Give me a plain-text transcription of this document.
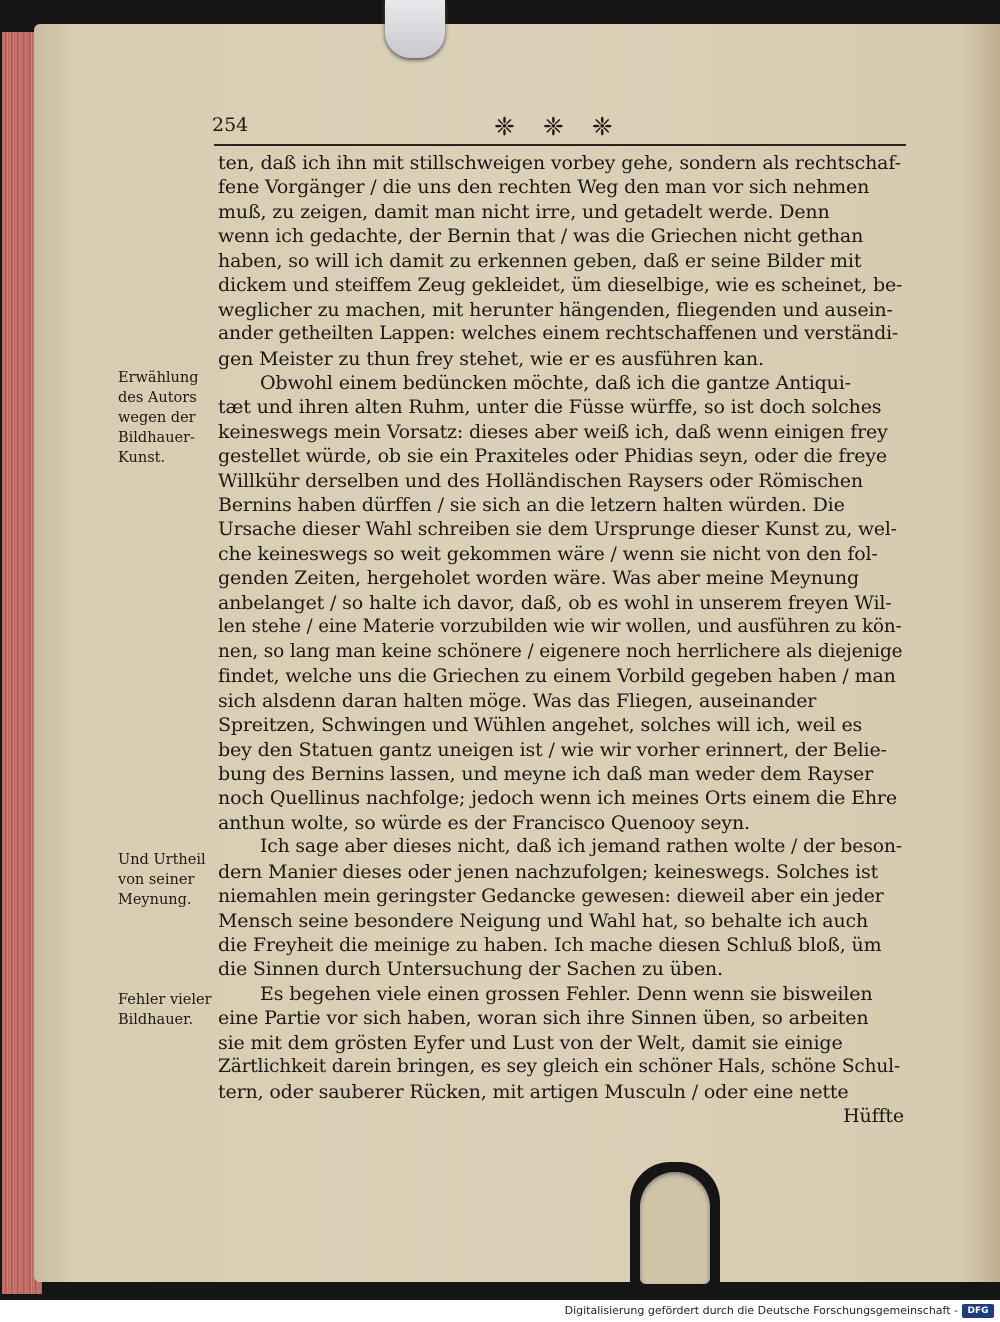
254	❈ ❈ ❈
ten, daß ich ihn mit stillschweigen vorbey gehe, sondern als rechtschaf-
fene Vorgänger / die uns den rechten Weg den man vor sich nehmen
muß, zu zeigen, damit man nicht irre, und getadelt werde. Denn
wenn ich gedachte, der Bernin that / was die Griechen nicht gethan
haben, so will ich damit zu erkennen geben, daß er seine Bilder mit
dickem und steiffem Zeug gekleidet, üm dieselbige, wie es scheinet, be-
weglicher zu machen, mit herunter hängenden, fliegenden und ausein-
ander getheilten Lappen: welches einem rechtschaffenen und verständi-
gen Meister zu thun frey stehet, wie er es ausführen kan.
Obwohl einem bedüncken möchte, daß ich die gantze Antiqui-
tæt und ihren alten Ruhm, unter die Füsse würffe, so ist doch solches
keineswegs mein Vorsatz: dieses aber weiß ich, daß wenn einigen frey
gestellet würde, ob sie ein Praxiteles oder Phidias seyn, oder die freye
Willkühr derselben und des Holländischen Raysers oder Römischen
Bernins haben dürffen / sie sich an die letzern halten würden. Die
Ursache dieser Wahl schreiben sie dem Ursprunge dieser Kunst zu, wel-
che keineswegs so weit gekommen wäre / wenn sie nicht von den fol-
genden Zeiten, hergeholet worden wäre. Was aber meine Meynung
anbelanget / so halte ich davor, daß, ob es wohl in unserem freyen Wil-
len stehe / eine Materie vorzubilden wie wir wollen, und ausführen zu kön-
nen, so lang man keine schönere / eigenere noch herrlichere als diejenige
findet, welche uns die Griechen zu einem Vorbild gegeben haben / man
sich alsdenn daran halten möge. Was das Fliegen, auseinander
Spreitzen, Schwingen und Wühlen angehet, solches will ich, weil es
bey den Statuen gantz uneigen ist / wie wir vorher erinnert, der Belie-
bung des Bernins lassen, und meyne ich daß man weder dem Rayser
noch Quellinus nachfolge; jedoch wenn ich meines Orts einem die Ehre
anthun wolte, so würde es der Francisco Quenooy seyn.
Ich sage aber dieses nicht, daß ich jemand rathen wolte / der beson-
dern Manier dieses oder jenen nachzufolgen; keineswegs. Solches ist
niemahlen mein geringster Gedancke gewesen: dieweil aber ein jeder
Mensch seine besondere Neigung und Wahl hat, so behalte ich auch
die Freyheit die meinige zu haben. Ich mache diesen Schluß bloß, üm
die Sinnen durch Untersuchung der Sachen zu üben.
Es begehen viele einen grossen Fehler. Denn wenn sie bisweilen
eine Partie vor sich haben, woran sich ihre Sinnen üben, so arbeiten
sie mit dem grösten Eyfer und Lust von der Welt, damit sie einige
Zärtlichkeit darein bringen, es sey gleich ein schöner Hals, schöne Schul-
tern, oder sauberer Rücken, mit artigen Musculn / oder eine nette
Hüffte
Erwählung des Autors wegen der Bildhauer-Kunst.
Und Urtheil von seiner Meynung.
Fehler vieler Bildhauer.
Digitalisierung gefördert durch die Deutsche Forschungsgemeinschaft -	DFG
